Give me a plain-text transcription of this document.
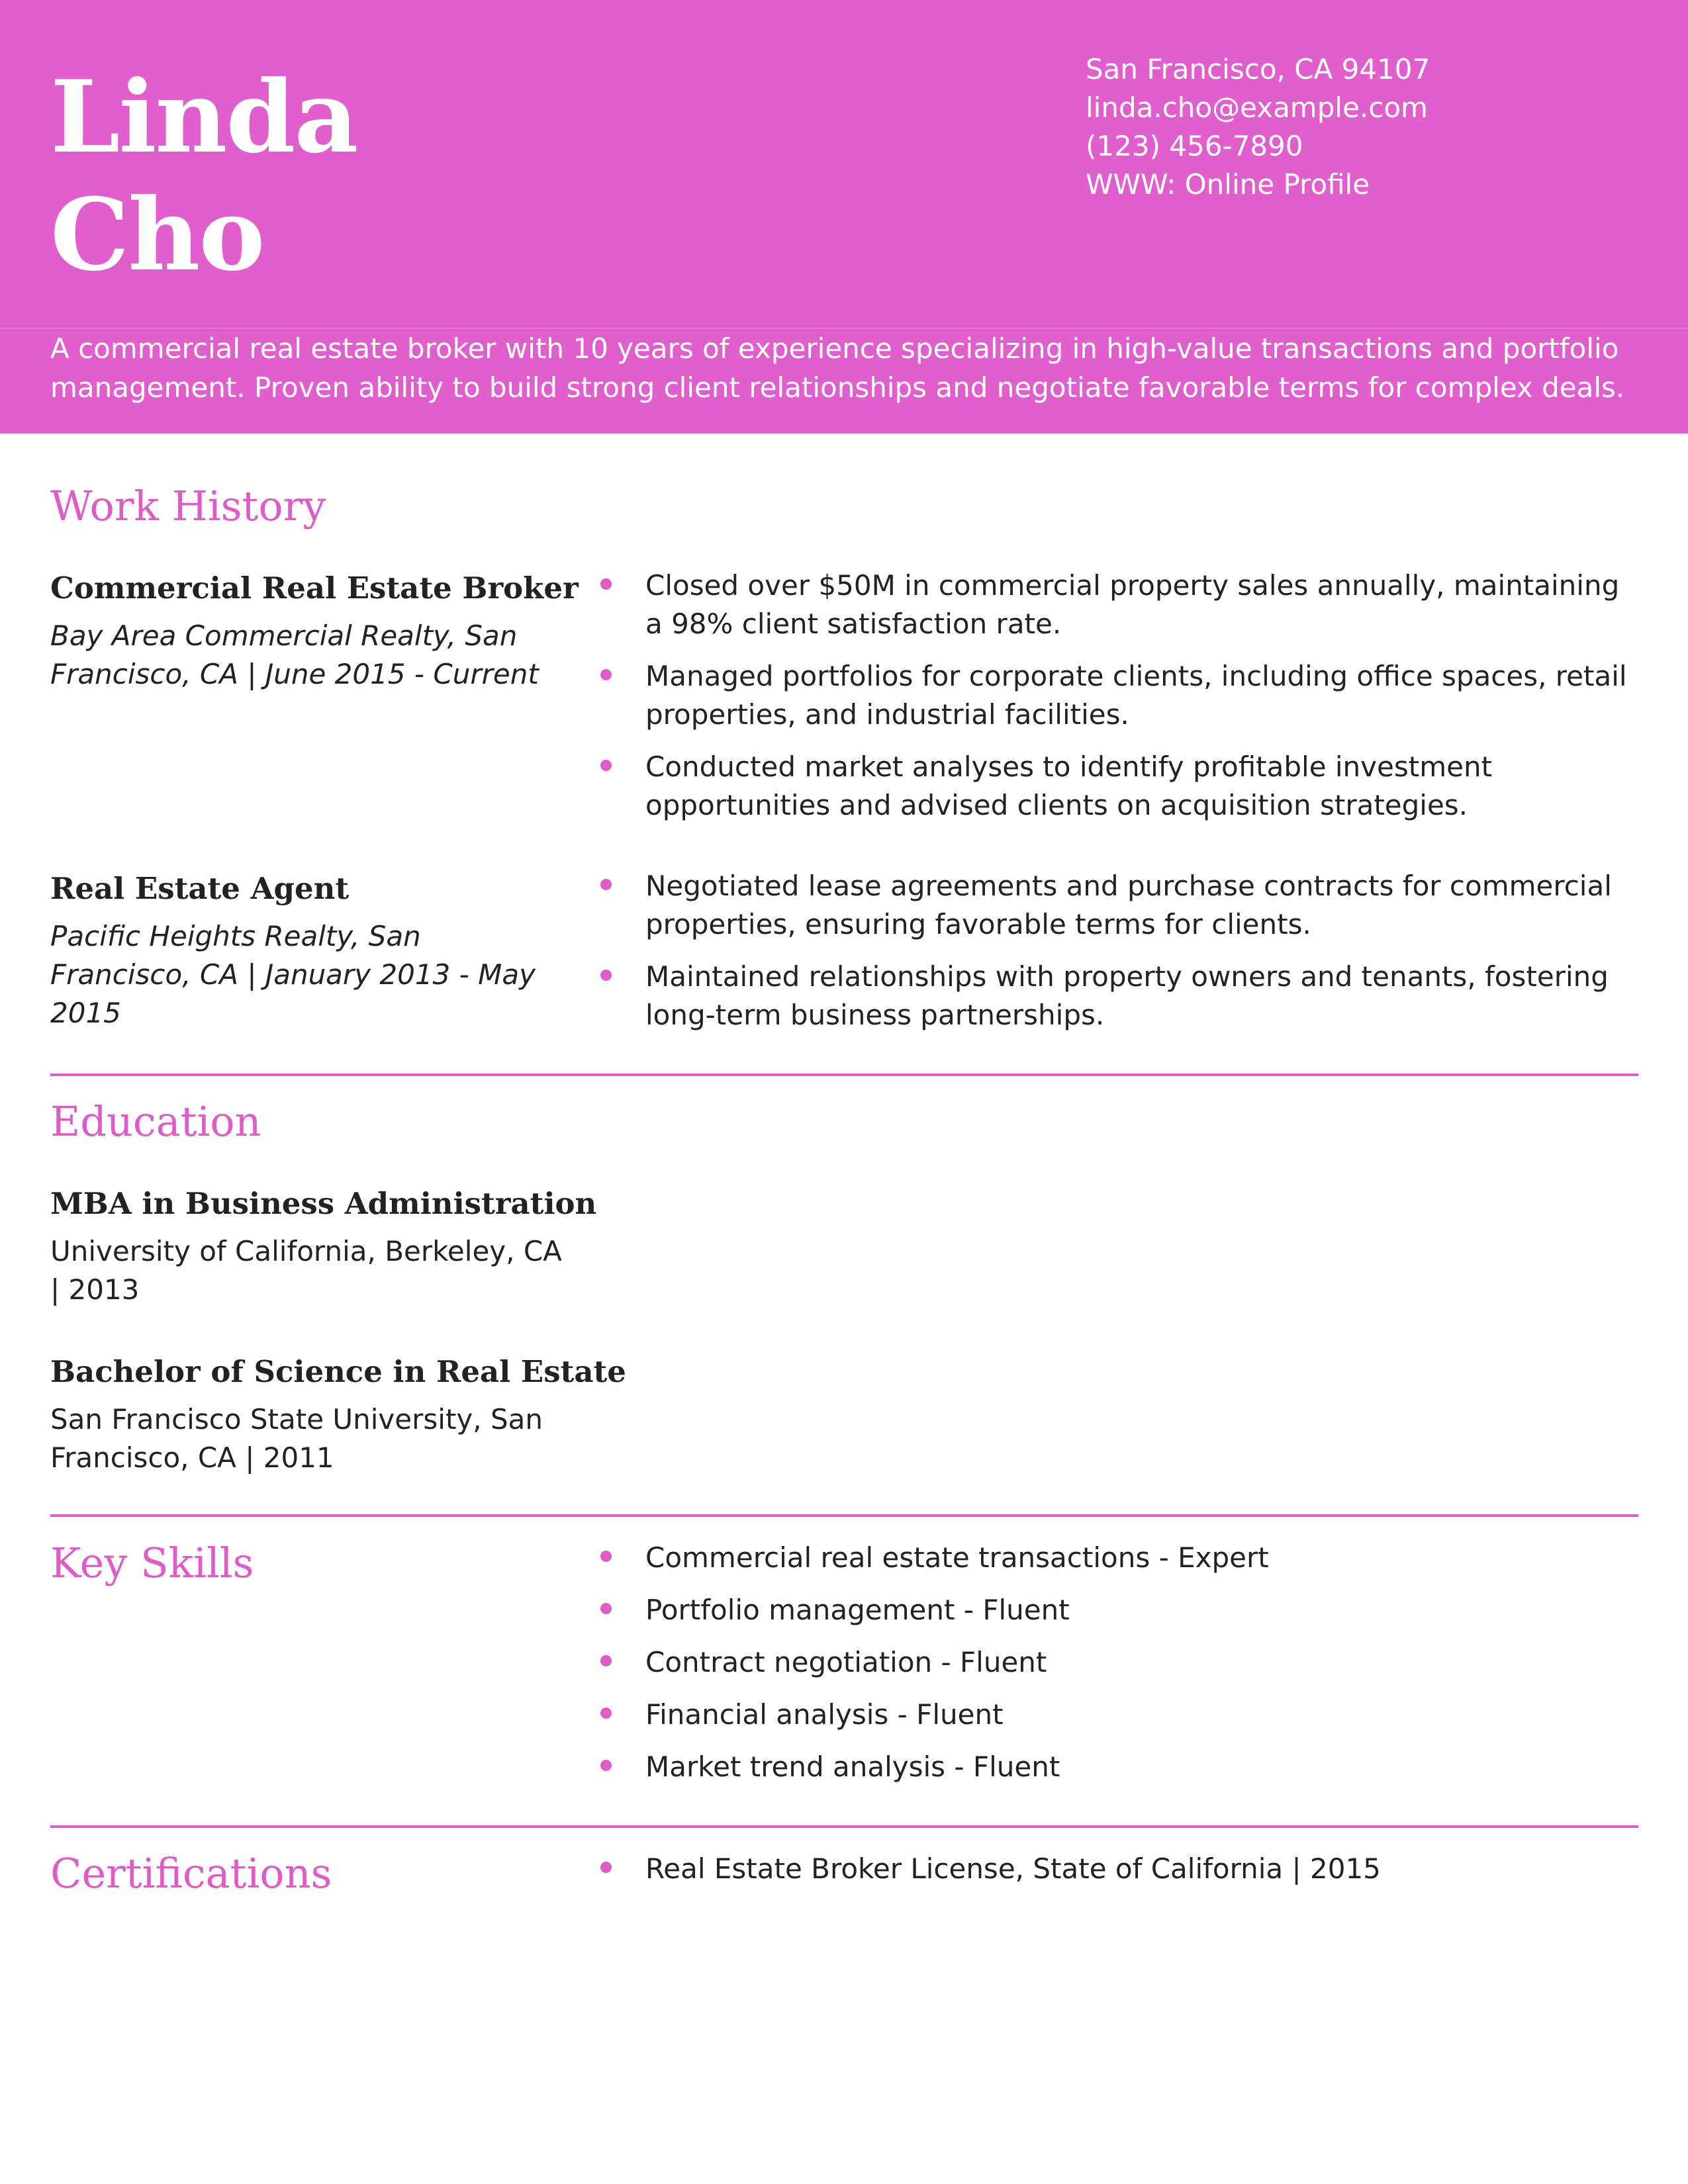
Linda
Cho
San Francisco, CA 94107
linda.cho@example.com
(123) 456-7890
WWW: Online Profile

A commercial real estate broker with 10 years of experience specializing in high-value transactions and portfolio management. Proven ability to build strong client relationships and negotiate favorable terms for complex deals.

Work History
Commercial Real Estate Broker

Bay Area Commercial Realty, San Francisco, CA | June 2015 - Current

Closed over $50M in commercial property sales annually, maintaining a 98% client satisfaction rate.
Managed portfolios for corporate clients, including office spaces, retail properties, and industrial facilities.
Conducted market analyses to identify profitable investment opportunities and advised clients on acquisition strategies.
Real Estate Agent

Pacific Heights Realty, San Francisco, CA | January 2013 - May 2015

Negotiated lease agreements and purchase contracts for commercial properties, ensuring favorable terms for clients.
Maintained relationships with property owners and tenants, fostering long-term business partnerships.
Education
MBA in Business Administration

University of California, Berkeley, CA | 2013

Bachelor of Science in Real Estate

San Francisco State University, San Francisco, CA | 2011

Key Skills	Commercial real estate transactions - Expert
Portfolio management - Fluent
Contract negotiation - Fluent
Financial analysis - Fluent
Market trend analysis - Fluent
Certifications	Real Estate Broker License, State of California | 2015
